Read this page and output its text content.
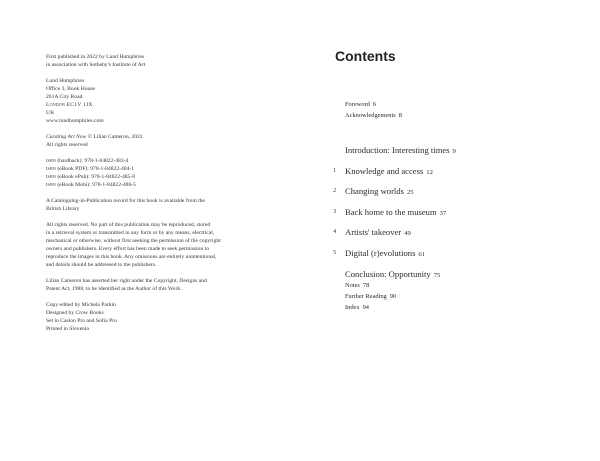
First published in 2022 by Lund Humphries

in association with Sotheby's Institute of Art

Lund Humphries

Office 3, Book House

261A City Road

London EC1V 1JX

UK

www.lundhumphries.com

Curating Art Now © Lilian Cameron, 2022

All rights reserved

isbn (hardback): 978-1-84822-483-4

isbn (eBook PDF): 978-1-84822-484-1

isbn (eBook ePub): 978-1-84822-485-8

isbn (eBook Mobi): 978-1-84822-486-5

A Cataloguing-in-Publication record for this book is available from the

British Library

All rights reserved. No part of this publication may be reproduced, stored

in a retrieval system or transmitted in any form or by any means, electrical,

mechanical or otherwise, without first seeking the permission of the copyright

owners and publishers. Every effort has been made to seek permission to

reproduce the images in this book. Any omissions are entirely unintentional,

and details should be addressed to the publishers.

Lilian Cameron has asserted her right under the Copyright, Designs and

Patent Act, 1988, to be identified as the Author of this Work.

Copy edited by Michela Parkin

Designed by Crow Books

Set in Caslon Pro and Sofia Pro

Printed in Slovenia

Contents
Foreword 6
Acknowledgements 8
Introduction: Interesting times 9
1	Knowledge and access 12
2	Changing worlds 25
3	Back home to the museum 37
4	Artists' takeover 49
5	Digital (r)evolutions 61
Conclusion: Opportunity 75
Notes 78
Further Reading 90
Index 94
